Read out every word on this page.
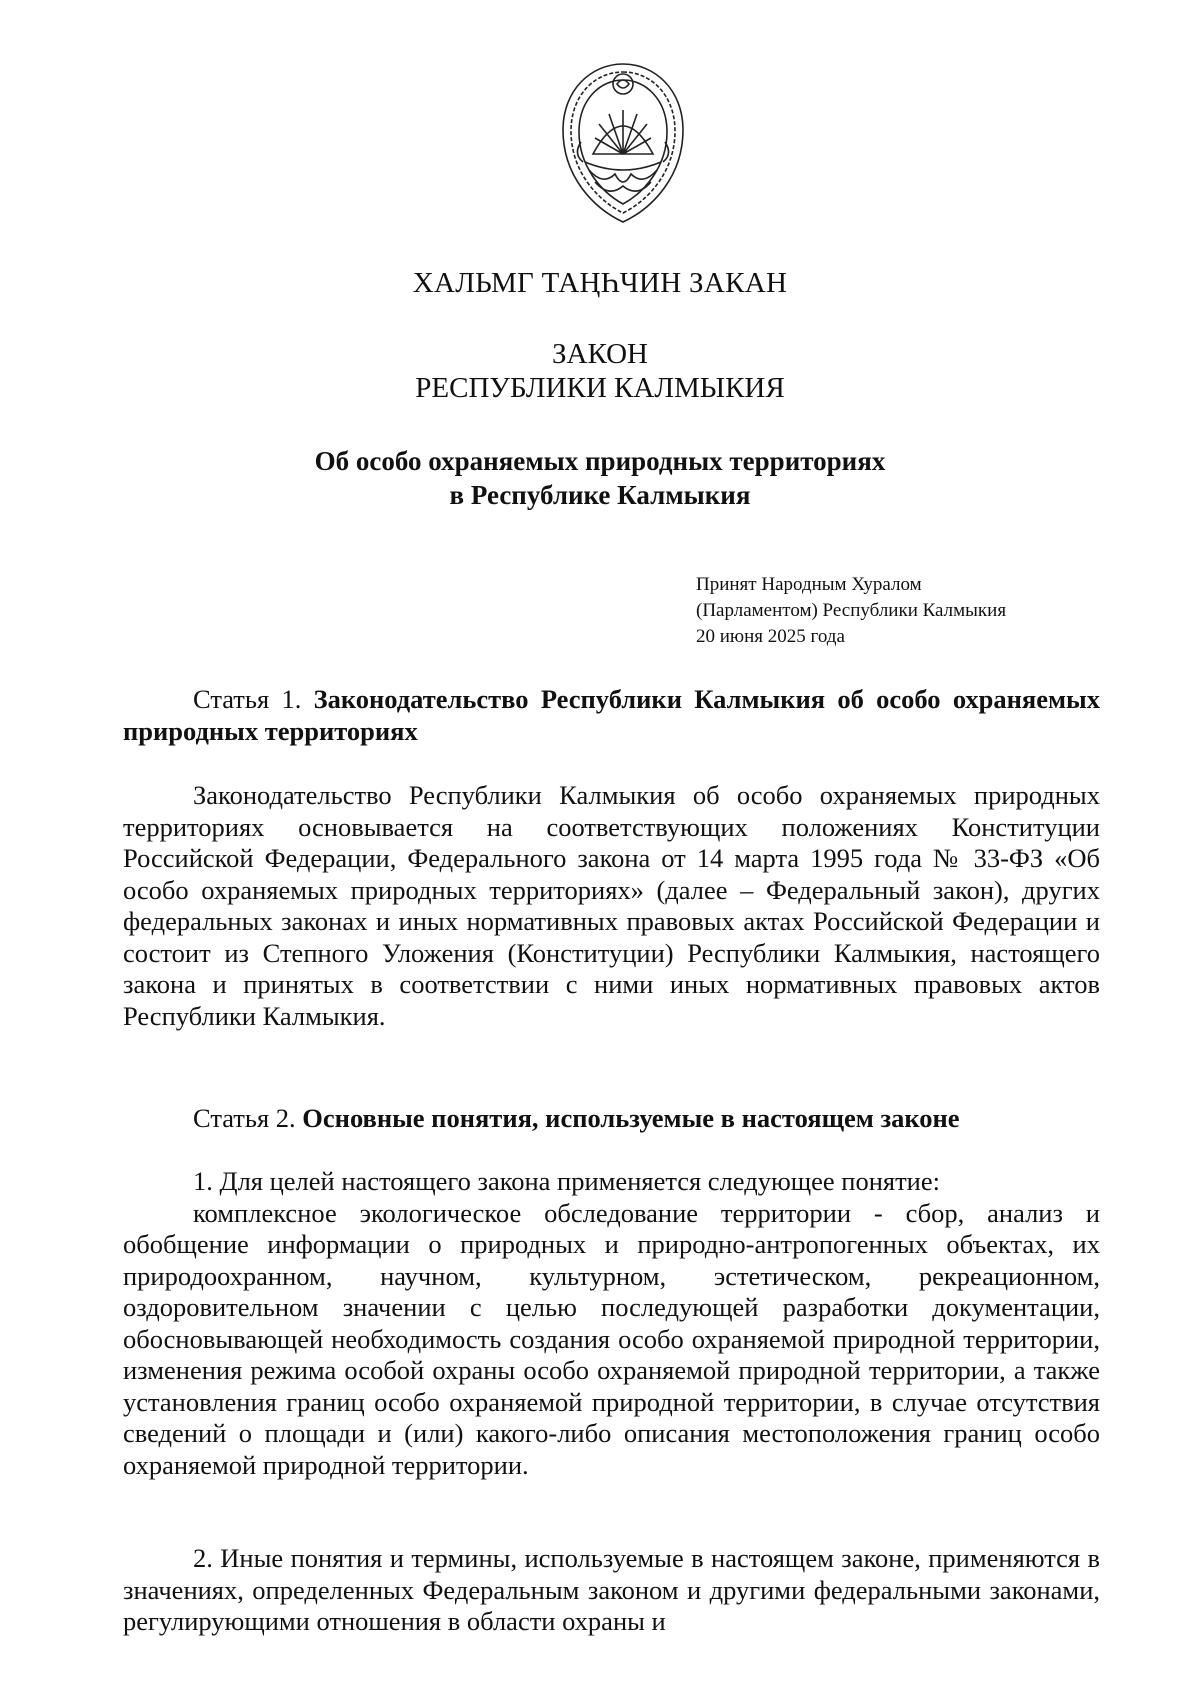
ХАЛЬМГ ТАҢҺЧИН ЗАКАН
ЗАКОН
РЕСПУБЛИКИ КАЛМЫКИЯ
Об особо охраняемых природных территориях
в Республике Калмыкия
Принят Народным Хуралом
(Парламентом) Республики Калмыкия
20 июня 2025 года

Статья 1. Законодательство Республики Калмыкия об особо охраняемых природных территориях

Законодательство Республики Калмыкия об особо охраняемых природных территориях основывается на соответствующих положениях Конституции Российской Федерации, Федерального закона от 14 марта 1995 года № 33-ФЗ «Об особо охраняемых природных территориях» (далее – Федеральный закон), других федеральных законах и иных нормативных правовых актах Российской Федерации и состоит из Степного Уложения (Конституции) Республики Калмыкия, настоящего закона и принятых в соответствии с ними иных нормативных правовых актов Республики Калмыкия.

Статья 2. Основные понятия, используемые в настоящем законе

1. Для целей настоящего закона применяется следующее понятие:

комплексное экологическое обследование территории - сбор, анализ и обобщение информации о природных и природно-антропогенных объектах, их природоохранном, научном, культурном, эстетическом, рекреационном, оздоровительном значении с целью последующей разработки документации, обосновывающей необходимость создания особо охраняемой природной территории, изменения режима особой охраны особо охраняемой природной территории, а также установления границ особо охраняемой природной территории, в случае отсутствия сведений о площади и (или) какого-либо описания местоположения границ особо охраняемой природной территории.

2. Иные понятия и термины, используемые в настоящем законе, применяются в значениях, определенных Федеральным законом и другими федеральными законами, регулирующими отношения в области охраны и
